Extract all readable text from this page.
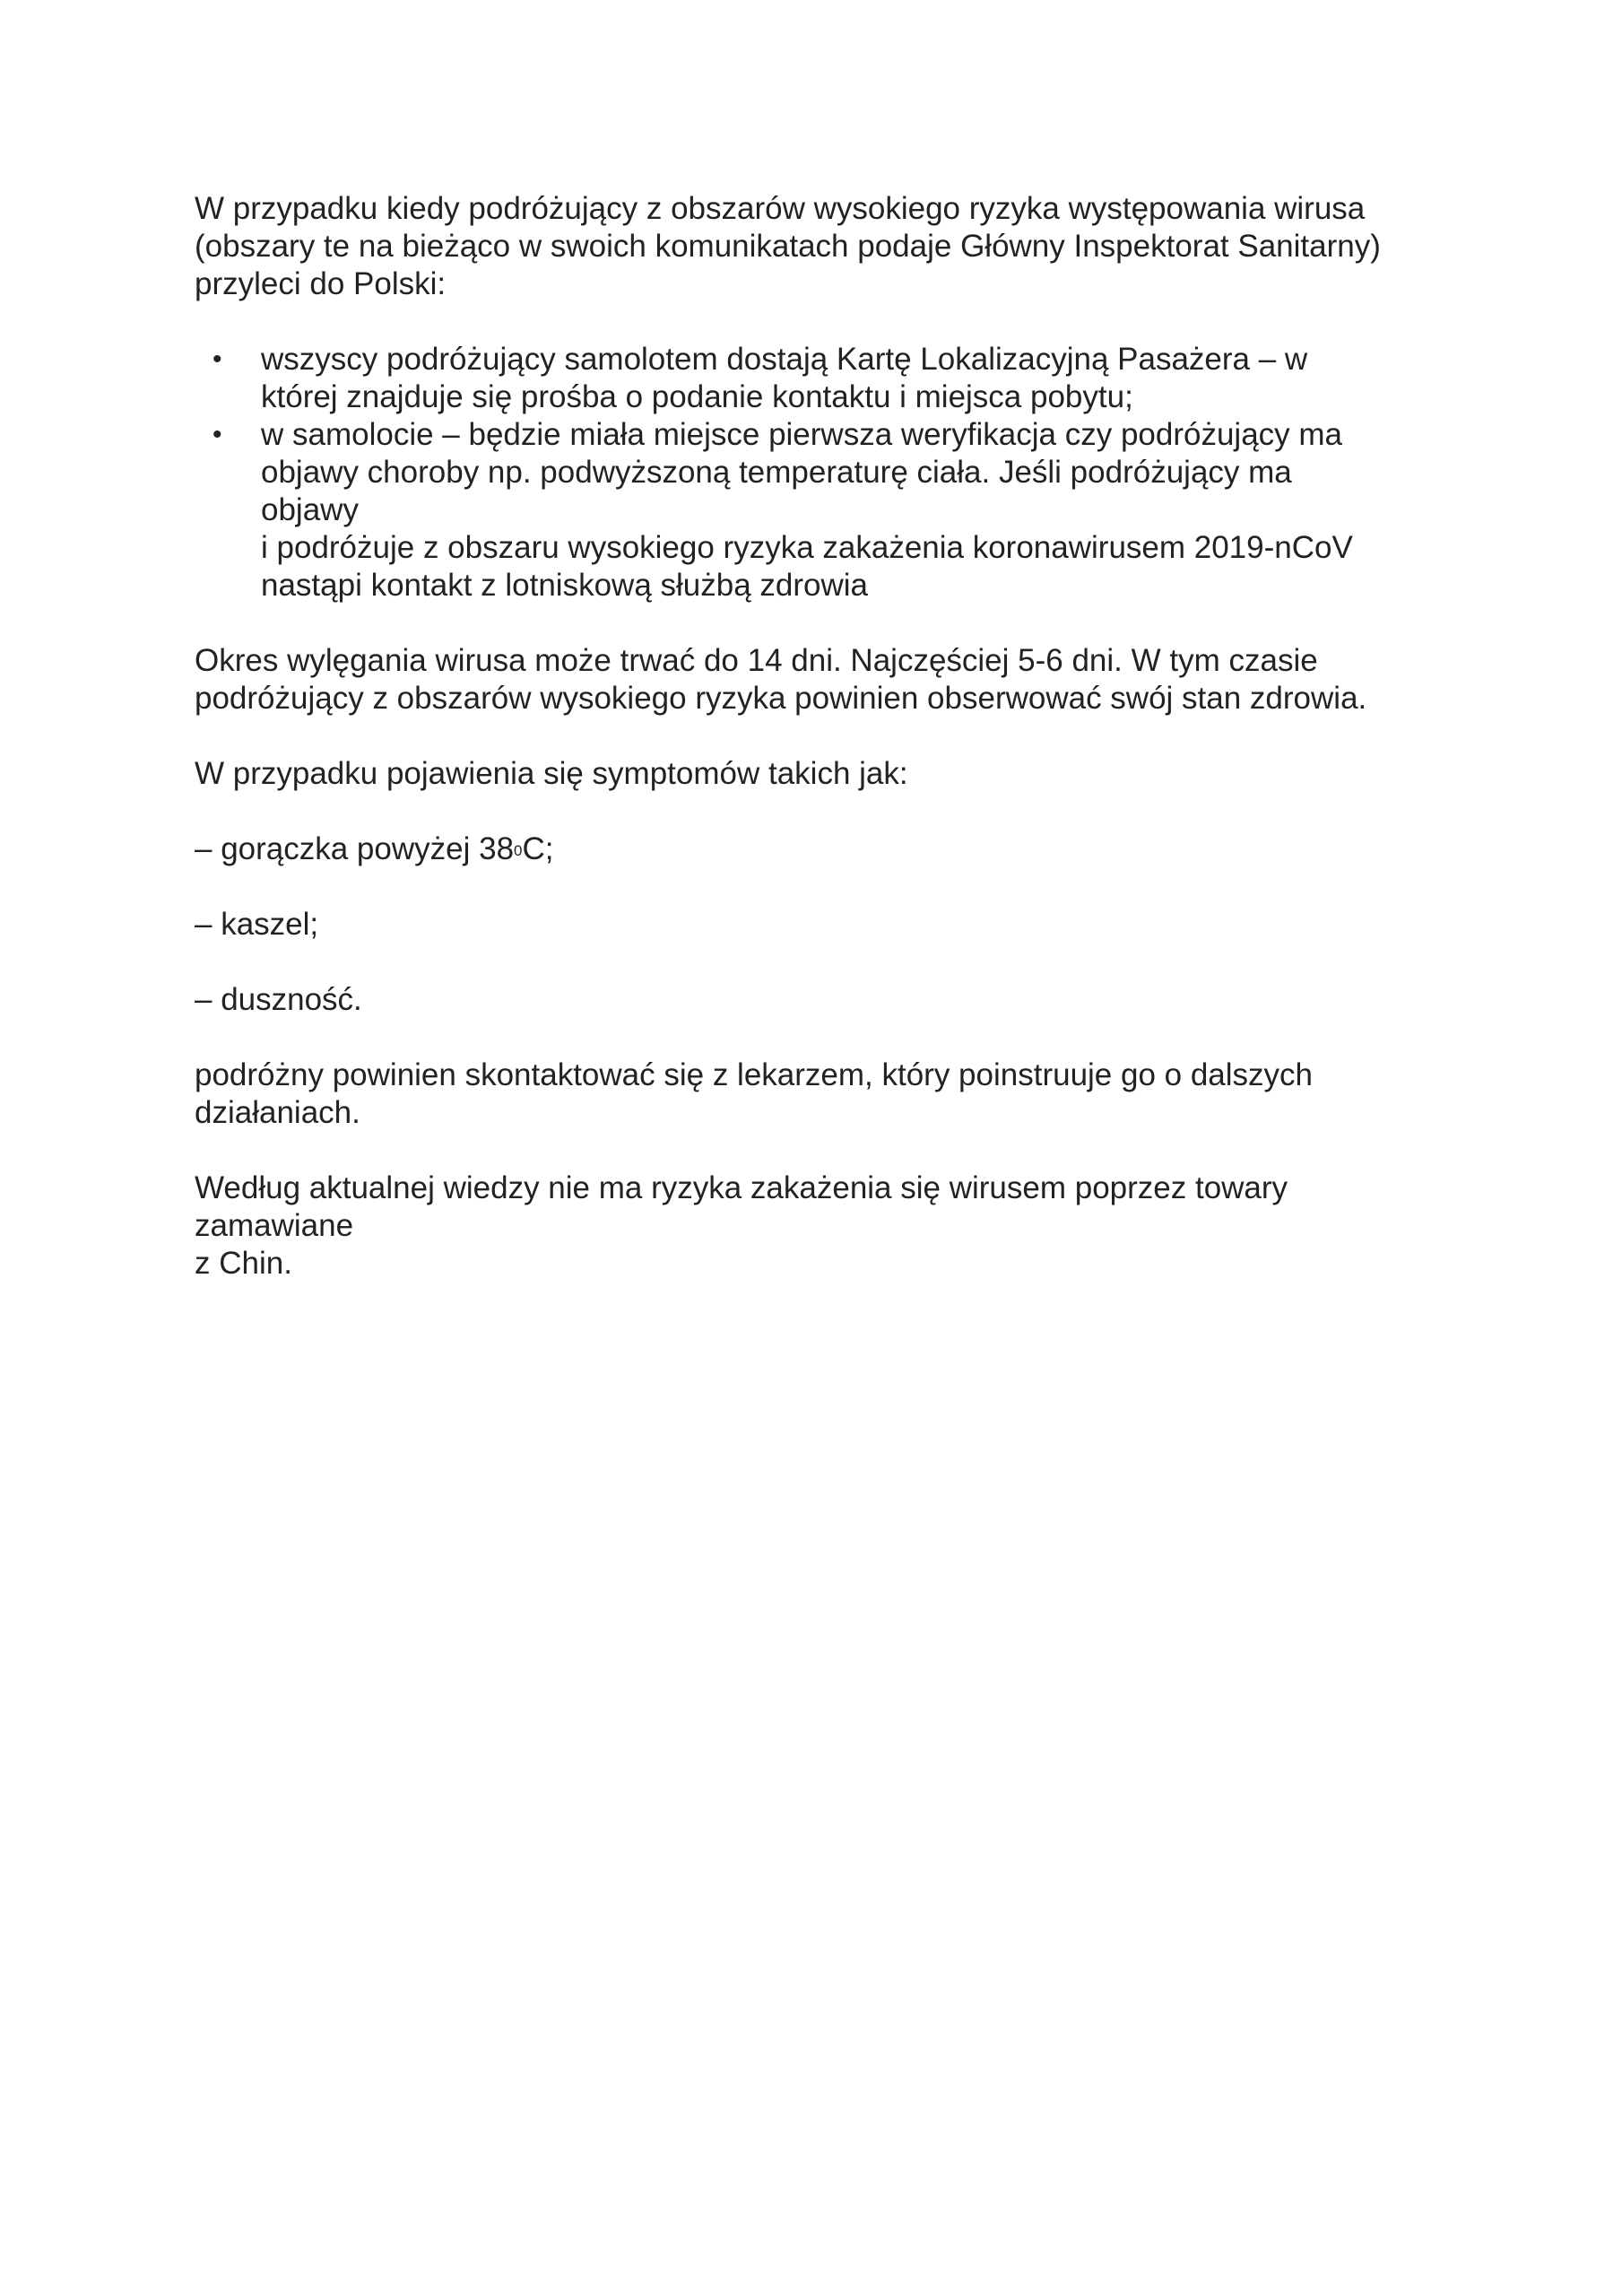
W przypadku kiedy podróżujący z obszarów wysokiego ryzyka występowania wirusa
(obszary te na bieżąco w swoich komunikatach podaje Główny Inspektorat Sanitarny)
przyleci do Polski:

• wszyscy podróżujący samolotem dostają Kartę Lokalizacyjną Pasażera – w
której znajduje się prośba o podanie kontaktu i miejsca pobytu;
• w samolocie – będzie miała miejsce pierwsza weryfikacja czy podróżujący ma
objawy choroby np. podwyższoną temperaturę ciała. Jeśli podróżujący ma
objawy
i podróżuje z obszaru wysokiego ryzyka zakażenia koronawirusem 2019-nCoV
nastąpi kontakt z lotniskową służbą zdrowia

Okres wylęgania wirusa może trwać do 14 dni. Najczęściej 5-6 dni. W tym czasie
podróżujący z obszarów wysokiego ryzyka powinien obserwować swój stan zdrowia.

W przypadku pojawienia się symptomów takich jak:

– gorączka powyżej $38^0C$;

– kaszel;

– duszność.

podróżny powinien skontaktować się z lekarzem, który poinstruuje go o dalszych
działaniach.

Według aktualnej wiedzy nie ma ryzyka zakażenia się wirusem poprzez towary
zamawiane
z Chin.
